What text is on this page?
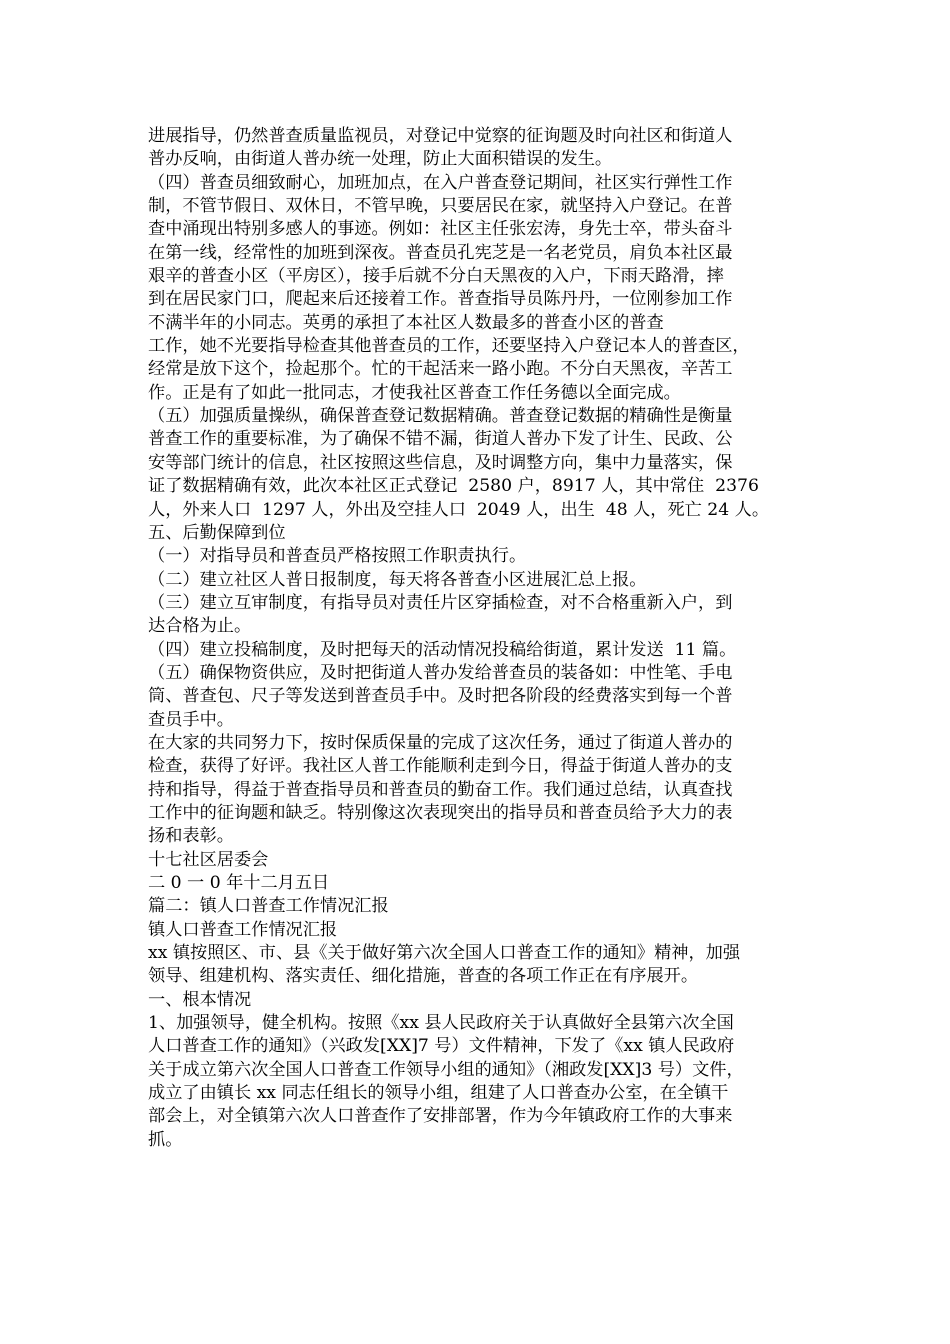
进展指导，仍然普查质量监视员，对登记中觉察的征询题及时向社区和街道人
普办反响，由街道人普办统一处理，防止大面积错误的发生。
（四）普查员细致耐心，加班加点，在入户普查登记期间，社区实行弹性工作
制，不管节假日、双休日，不管早晚，只要居民在家，就坚持入户登记。在普
查中涌现出特别多感人的事迹。例如：社区主任张宏涛，身先士卒，带头奋斗
在第一线，经常性的加班到深夜。普查员孔宪芝是一名老党员，肩负本社区最
艰辛的普查小区（平房区），接手后就不分白天黑夜的入户，下雨天路滑，摔
到在居民家门口，爬起来后还接着工作。普查指导员陈丹丹，一位刚参加工作
不满半年的小同志。英勇的承担了本社区人数最多的普查小区的普查
工作，她不光要指导检查其他普查员的工作，还要坚持入户登记本人的普查区，
经常是放下这个，捡起那个。忙的干起活来一路小跑。不分白天黑夜，辛苦工
作。正是有了如此一批同志，才使我社区普查工作任务德以全面完成。
（五）加强质量操纵，确保普查登记数据精确。普查登记数据的精确性是衡量
普查工作的重要标准，为了确保不错不漏，街道人普办下发了计生、民政、公
安等部门统计的信息，社区按照这些信息，及时调整方向，集中力量落实，保
证了数据精确有效，此次本社区正式登记  2580 户，8917 人，其中常住  2376
人，外来人口  1297 人，外出及空挂人口  2049 人，出生  48 人，死亡 24 人。
五、后勤保障到位
（一）对指导员和普查员严格按照工作职责执行。
（二）建立社区人普日报制度，每天将各普查小区进展汇总上报。
（三）建立互审制度，有指导员对责任片区穿插检查，对不合格重新入户，到
达合格为止。
（四）建立投稿制度，及时把每天的活动情况投稿给街道，累计发送  11 篇。
（五）确保物资供应，及时把街道人普办发给普查员的装备如：中性笔、手电
筒、普查包、尺子等发送到普查员手中。及时把各阶段的经费落实到每一个普
查员手中。
在大家的共同努力下，按时保质保量的完成了这次任务，通过了街道人普办的
检查，获得了好评。我社区人普工作能顺利走到今日，得益于街道人普办的支
持和指导，得益于普查指导员和普查员的勤奋工作。我们通过总结，认真查找
工作中的征询题和缺乏。特别像这次表现突出的指导员和普查员给予大力的表
扬和表彰。
十七社区居委会
二 0 一 0 年十二月五日
篇二：镇人口普查工作情况汇报
镇人口普查工作情况汇报
xx 镇按照区、市、县《关于做好第六次全国人口普查工作的通知》精神，加强
领导、组建机构、落实责任、细化措施，普查的各项工作正在有序展开。
一、根本情况
1、加强领导，健全机构。按照《xx 县人民政府关于认真做好全县第六次全国
人口普查工作的通知》（兴政发[XX]7 号）文件精神，下发了《xx 镇人民政府
关于成立第六次全国人口普查工作领导小组的通知》（湘政发[XX]3 号）文件，
成立了由镇长 xx 同志任组长的领导小组，组建了人口普查办公室，在全镇干
部会上，对全镇第六次人口普查作了安排部署，作为今年镇政府工作的大事来
抓。
